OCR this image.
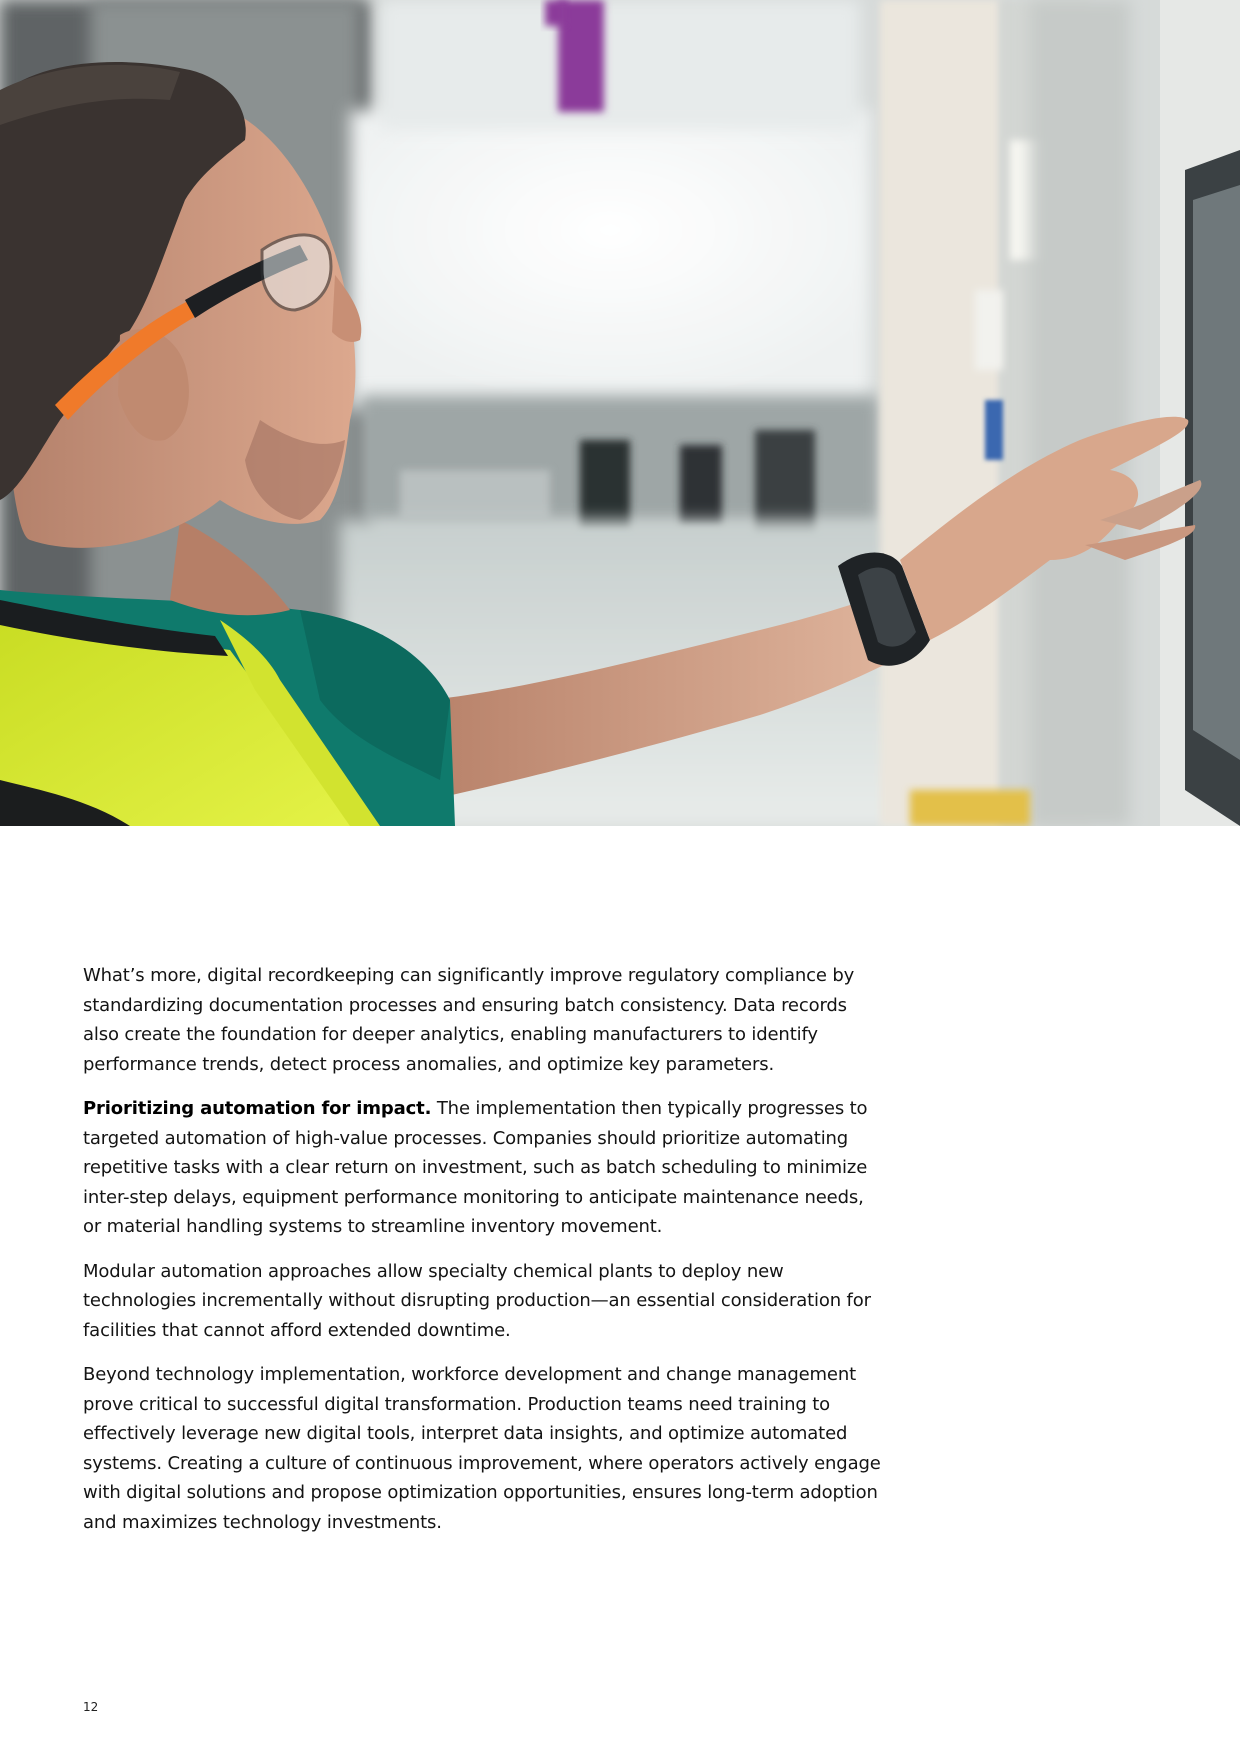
What’s more, digital recordkeeping can significantly improve regulatory compliance by standardizing documentation processes and ensuring batch consistency. Data records also create the foundation for deeper analytics, enabling manufacturers to identify performance trends, detect process anomalies, and optimize key parameters.

Prioritizing automation for impact. The implementation then typically progresses to targeted automation of high-value processes. Companies should prioritize automating repetitive tasks with a clear return on investment, such as batch scheduling to minimize inter-step delays, equipment performance monitoring to anticipate maintenance needs, or material handling systems to streamline inventory movement.

Modular automation approaches allow specialty chemical plants to deploy new technologies incrementally without disrupting production—an essential consideration for facilities that cannot afford extended downtime.

Beyond technology implementation, workforce development and change management prove critical to successful digital transformation. Production teams need training to effectively leverage new digital tools, interpret data insights, and optimize automated systems. Creating a culture of continuous improvement, where operators actively engage with digital solutions and propose optimization opportunities, ensures long-term adoption and maximizes technology investments.

12
